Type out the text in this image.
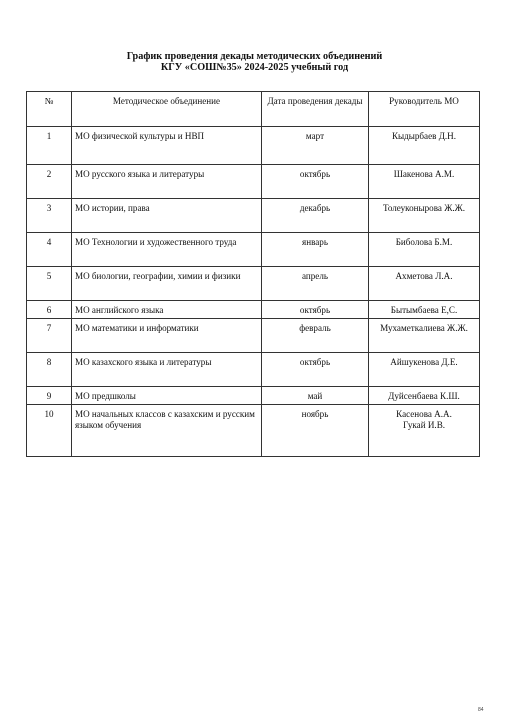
График проведения декады методических объединений
КГУ «СОШ№35» 2024-2025 учебный год
№	Методическое объединение	Дата проведения декады	Руководитель МО
1	МО физической культуры и НВП	март	Кыдырбаев Д.Н.
2	МО русского языка и литературы	октябрь	Шакенова А.М.
3	МО истории, права	декабрь	Толеуконырова Ж.Ж.
4	МО Технологии и художественного труда	январь	Биболова Б.М.
5	МО биологии, географии, химии и физики	апрель	Ахметова Л.А.
6	МО английского языка	октябрь	Бытымбаева Е,С.
7	МО математики и информатики	февраль	Мухаметкалиева Ж.Ж.
8	МО казахского языка и литературы	октябрь	Айшукенова Д.Е.
9	МО предшколы	май	Дуйсенбаева К.Ш.
10	МО начальных классов с казахским и русским языком обучения	ноябрь	Касенова А.А.
Гукай И.В.
84
